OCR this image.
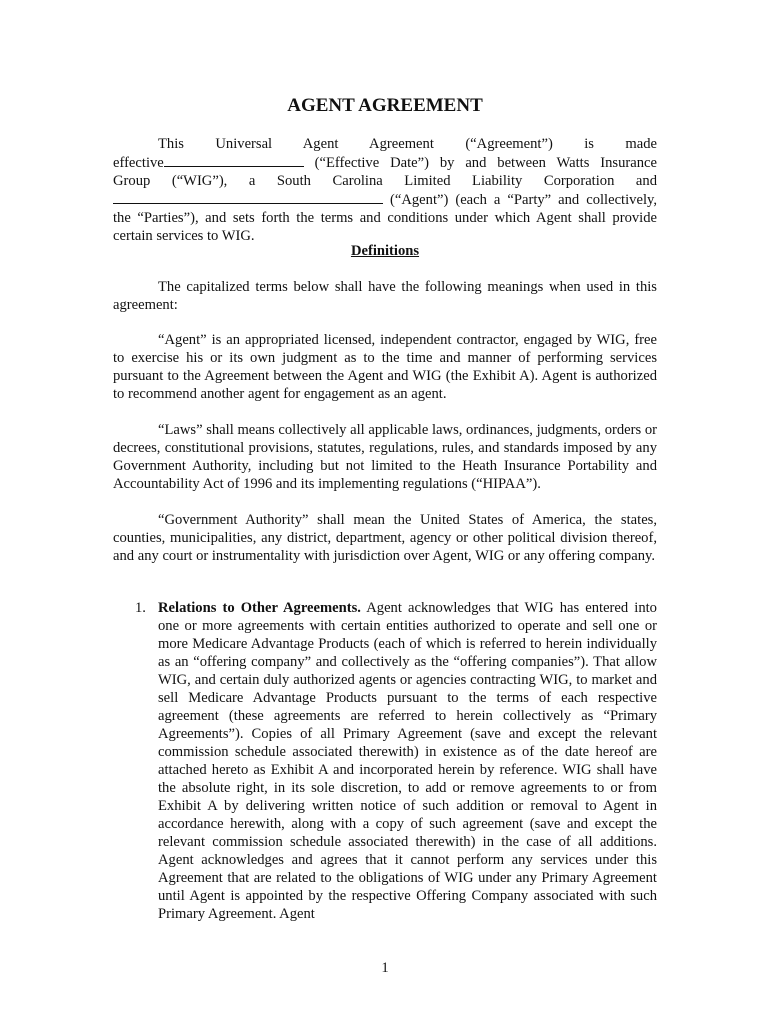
AGENT AGREEMENT
This Universal Agent Agreement (“Agreement”) is made
effective	(“Effective Date”) by and between Watts Insurance
Group (“WIG”), a South Carolina Limited Liability Corporation and
(“Agent”) (each a “Party” and collectively,
the “Parties”), and sets forth the terms and conditions under which Agent shall provide
certain services to WIG.
Definitions

The capitalized terms below shall have the following meanings when used in this agreement:

“Agent” is an appropriated licensed, independent contractor, engaged by WIG, free to exercise his or its own judgment as to the time and manner of performing services pursuant to the Agreement between the Agent and WIG (the Exhibit A). Agent is authorized to recommend another agent for engagement as an agent.

“Laws” shall means collectively all applicable laws, ordinances, judgments, orders or decrees, constitutional provisions, statutes, regulations, rules, and standards imposed by any Government Authority, including but not limited to the Heath Insurance Portability and Accountability Act of 1996 and its implementing regulations (“HIPAA”).

“Government Authority” shall mean the United States of America, the states, counties, municipalities, any district, department, agency or other political division thereof, and any court or instrumentality with jurisdiction over Agent, WIG or any offering company.

1. Relations to Other Agreements. Agent acknowledges that WIG has entered into one or more agreements with certain entities authorized to operate and sell one or more Medicare Advantage Products (each of which is referred to herein individually as an “offering company” and collectively as the “offering companies”). That allow WIG, and certain duly authorized agents or agencies contracting WIG, to market and sell Medicare Advantage Products pursuant to the terms of each respective agreement (these agreements are referred to herein collectively as “Primary Agreements”). Copies of all Primary Agreement (save and except the relevant commission schedule associated therewith) in existence as of the date hereof are attached hereto as Exhibit A and incorporated herein by reference. WIG shall have the absolute right, in its sole discretion, to add or remove agreements to or from Exhibit A by delivering written notice of such addition or removal to Agent in accordance herewith, along with a copy of such agreement (save and except the relevant commission schedule associated therewith) in the case of all additions. Agent acknowledges and agrees that it cannot perform any services under this Agreement that are related to the obligations of WIG under any Primary Agreement until Agent is appointed by the respective Offering Company associated with such Primary Agreement. Agent
1
